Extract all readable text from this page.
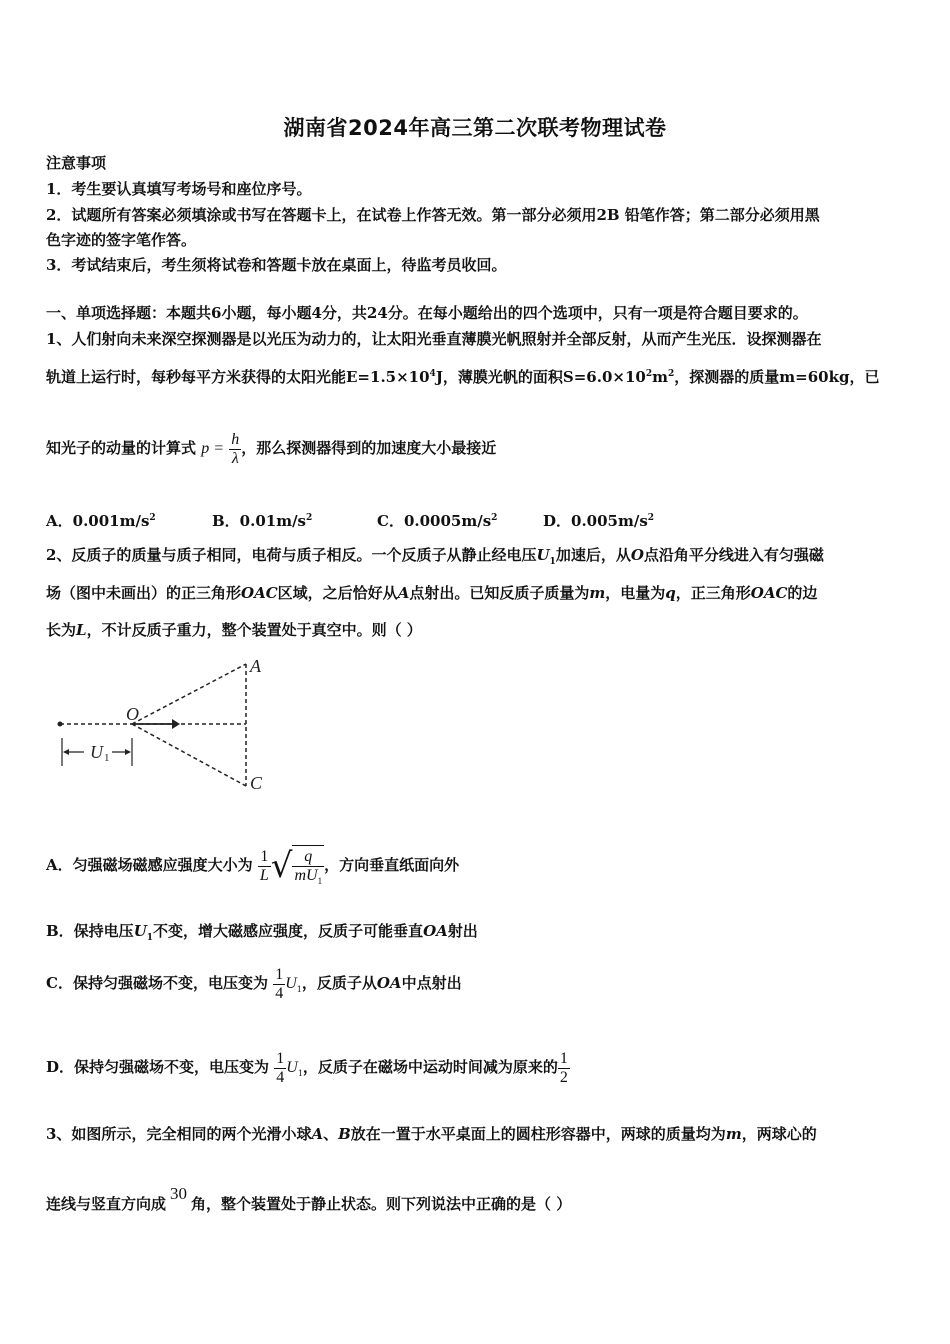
湖南省2024年高三第二次联考物理试卷
注意事项
1．考生要认真填写考场号和座位序号。
2．试题所有答案必须填涂或书写在答题卡上，在试卷上作答无效。第一部分必须用2B 铅笔作答；第二部分必须用黑
色字迹的签字笔作答。
3．考试结束后，考生须将试卷和答题卡放在桌面上，待监考员收回。
一、单项选择题：本题共6小题，每小题4分，共24分。在每小题给出的四个选项中，只有一项是符合题目要求的。
1、人们射向未来深空探测器是以光压为动力的，让太阳光垂直薄膜光帆照射并全部反射，从而产生光压．设探测器在
轨道上运行时，每秒每平方米获得的太阳光能$E=1.5\times 10^4J$，薄膜光帆的面积$S=6.0\times 10^2m^2$，探测器的质量m=60kg，已
知光子的动量的计算式 $p = \frac{h}{\lambda}$ ，那么探测器得到的加速度大小最接近
A．$0.001m/s^2$	B．$0.01m/s^2$	C．$0.0005m/s^2$	D．$0.005m/s^2$
2、反质子的质量与质子相同，电荷与质子相反。一个反质子从静止经电压$U_1$加速后，从O点沿角平分线进入有匀强磁
场（图中未画出）的正三角形OAC区域，之后恰好从A点射出。已知反质子质量为m，电量为q，正三角形OAC的边
长为L，不计反质子重力，整个装置处于真空中。则（ ）
U 1
O
A
C
A．匀强磁场磁感应强度大小为 $\frac{1}{L}$ √ $\frac{q}{mU_1}$ ，方向垂直纸面向外
B．保持电压$U_1$不变，增大磁感应强度，反质子可能垂直OA射出
C．保持匀强磁场不变，电压变为 $\frac{1}{4} U_1$，反质子从OA中点射出
D．保持匀强磁场不变，电压变为 $\frac{1}{4} U_1$，反质子在磁场中运动时间减为原来的 $\frac{1}{2}$
3、如图所示，完全相同的两个光滑小球A、B放在一置于水平桌面上的圆柱形容器中，两球的质量均为m，两球心的
连线与竖直方向成30角，整个装置处于静止状态。则下列说法中正确的是（ ）
